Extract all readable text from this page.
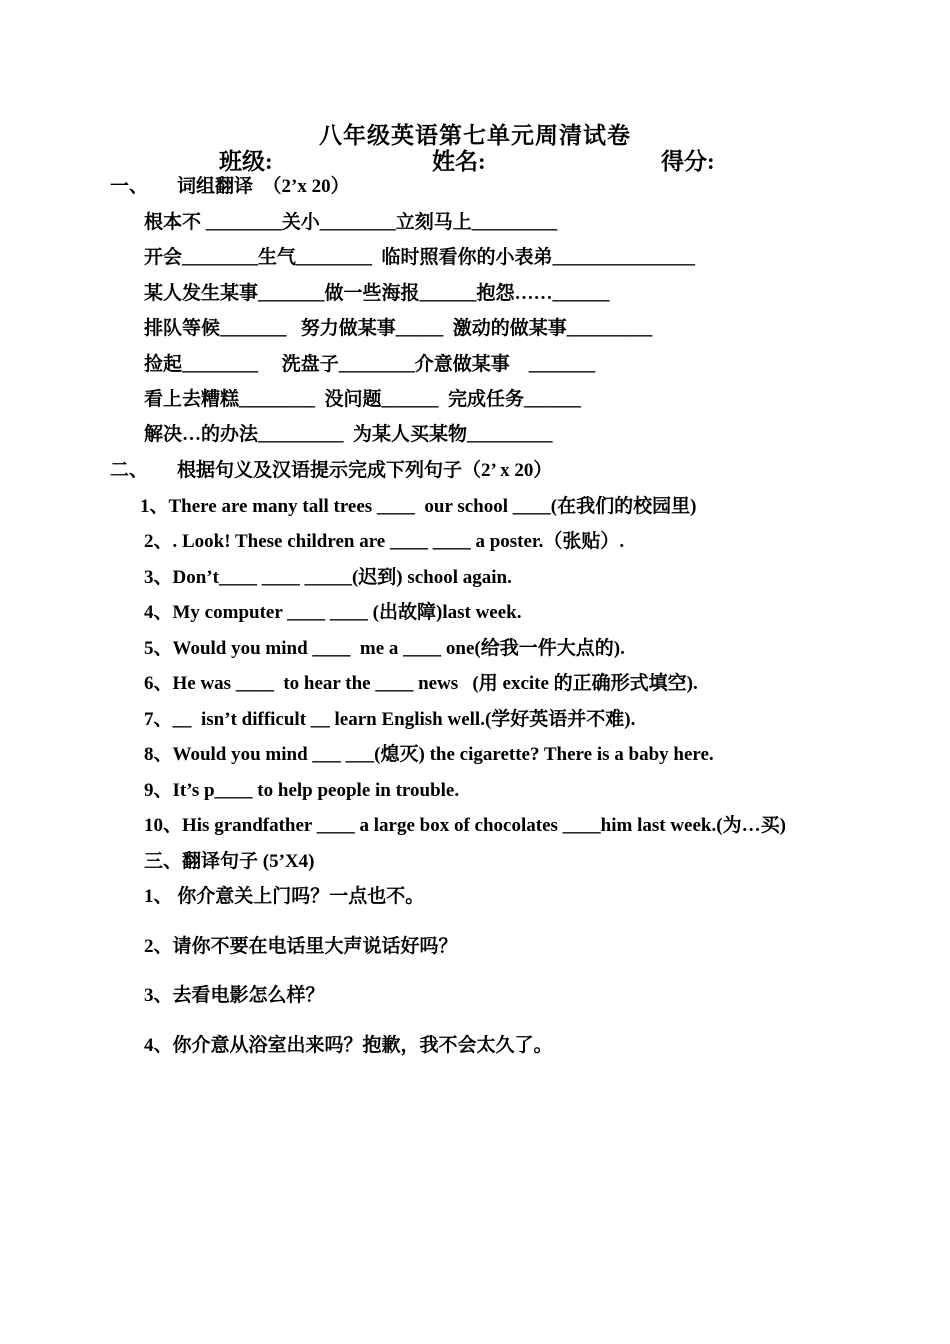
八年级英语第七单元周清试卷
班级:	姓名:	得分:
一、 词组翻译  （2’x 20）
根本不 ________关小________立刻马上_________
开会________生气________  临时照看你的小表弟_______________
某人发生某事_______做一些海报______抱怨……______
排队等候_______   努力做某事_____  激动的做某事_________
捡起________     洗盘子________介意做某事    _______
看上去糟糕________  没问题______  完成任务______
解决…的办法_________  为某人买某物_________
二、 根据句义及汉语提示完成下列句子（2’ x 20）
1、There are many tall trees ____  our school ____(在我们的校园里)
2、. Look! These children are ____ ____ a poster.（张贴）.
3、Don’t____ ____ _____(迟到) school again.
4、My computer ____ ____ (出故障)last week.
5、Would you mind ____  me a ____ one(给我一件大点的).
6、He was ____  to hear the ____ news   (用 excite 的正确形式填空).
7、__  isn’t difficult __ learn English well.(学好英语并不难).
8、Would you mind ___ ___(熄灭) the cigarette? There is a baby here.
9、It’s p____ to help people in trouble.
10、His grandfather ____ a large box of chocolates ____him last week.(为…买)
三、翻译句子 (5’X4)
1、 你介意关上门吗？一点也不。
2、请你不要在电话里大声说话好吗？
3、去看电影怎么样？
4、你介意从浴室出来吗？抱歉，我不会太久了。
